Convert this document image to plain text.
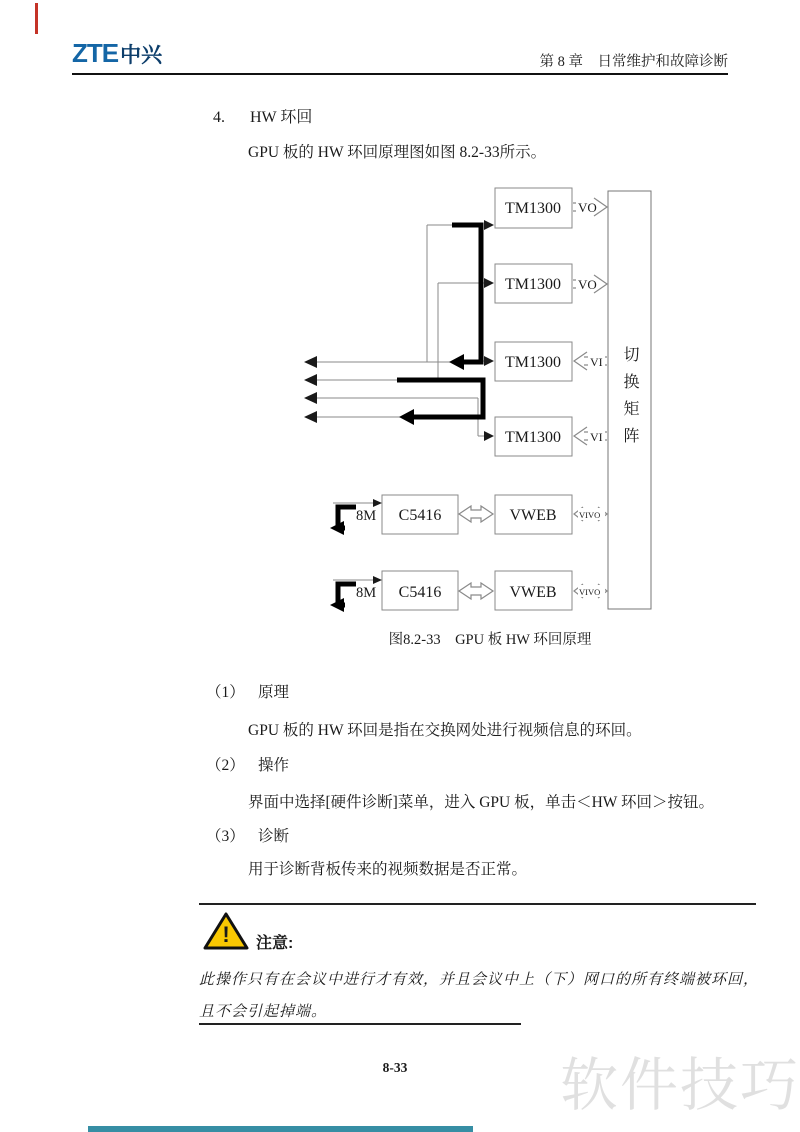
ZTE 中兴	第 8 章　日常维护和故障诊断
4. HW 环回
GPU 板的 HW 环回原理图如图 8.2-33所示。
TM1300
TM1300
TM1300
TM1300
C5416	VWEB
C5416	VWEB
VO
VO
VI
VI
VIVO
VIVO
8M
8M
切换矩阵
图8.2-33　GPU 板 HW 环回原理
（1） 原理
GPU 板的 HW 环回是指在交换网处进行视频信息的环回。
（2） 操作
界面中选择[硬件诊断]菜单，进入 GPU 板，单击＜HW 环回＞按钮。
（3） 诊断
用于诊断背板传来的视频数据是否正常。
! 注意:
此操作只有在会议中进行才有效，并且会议中上（下）网口的所有终端被环回，
且不会引起掉端。
8-33	软件技巧
